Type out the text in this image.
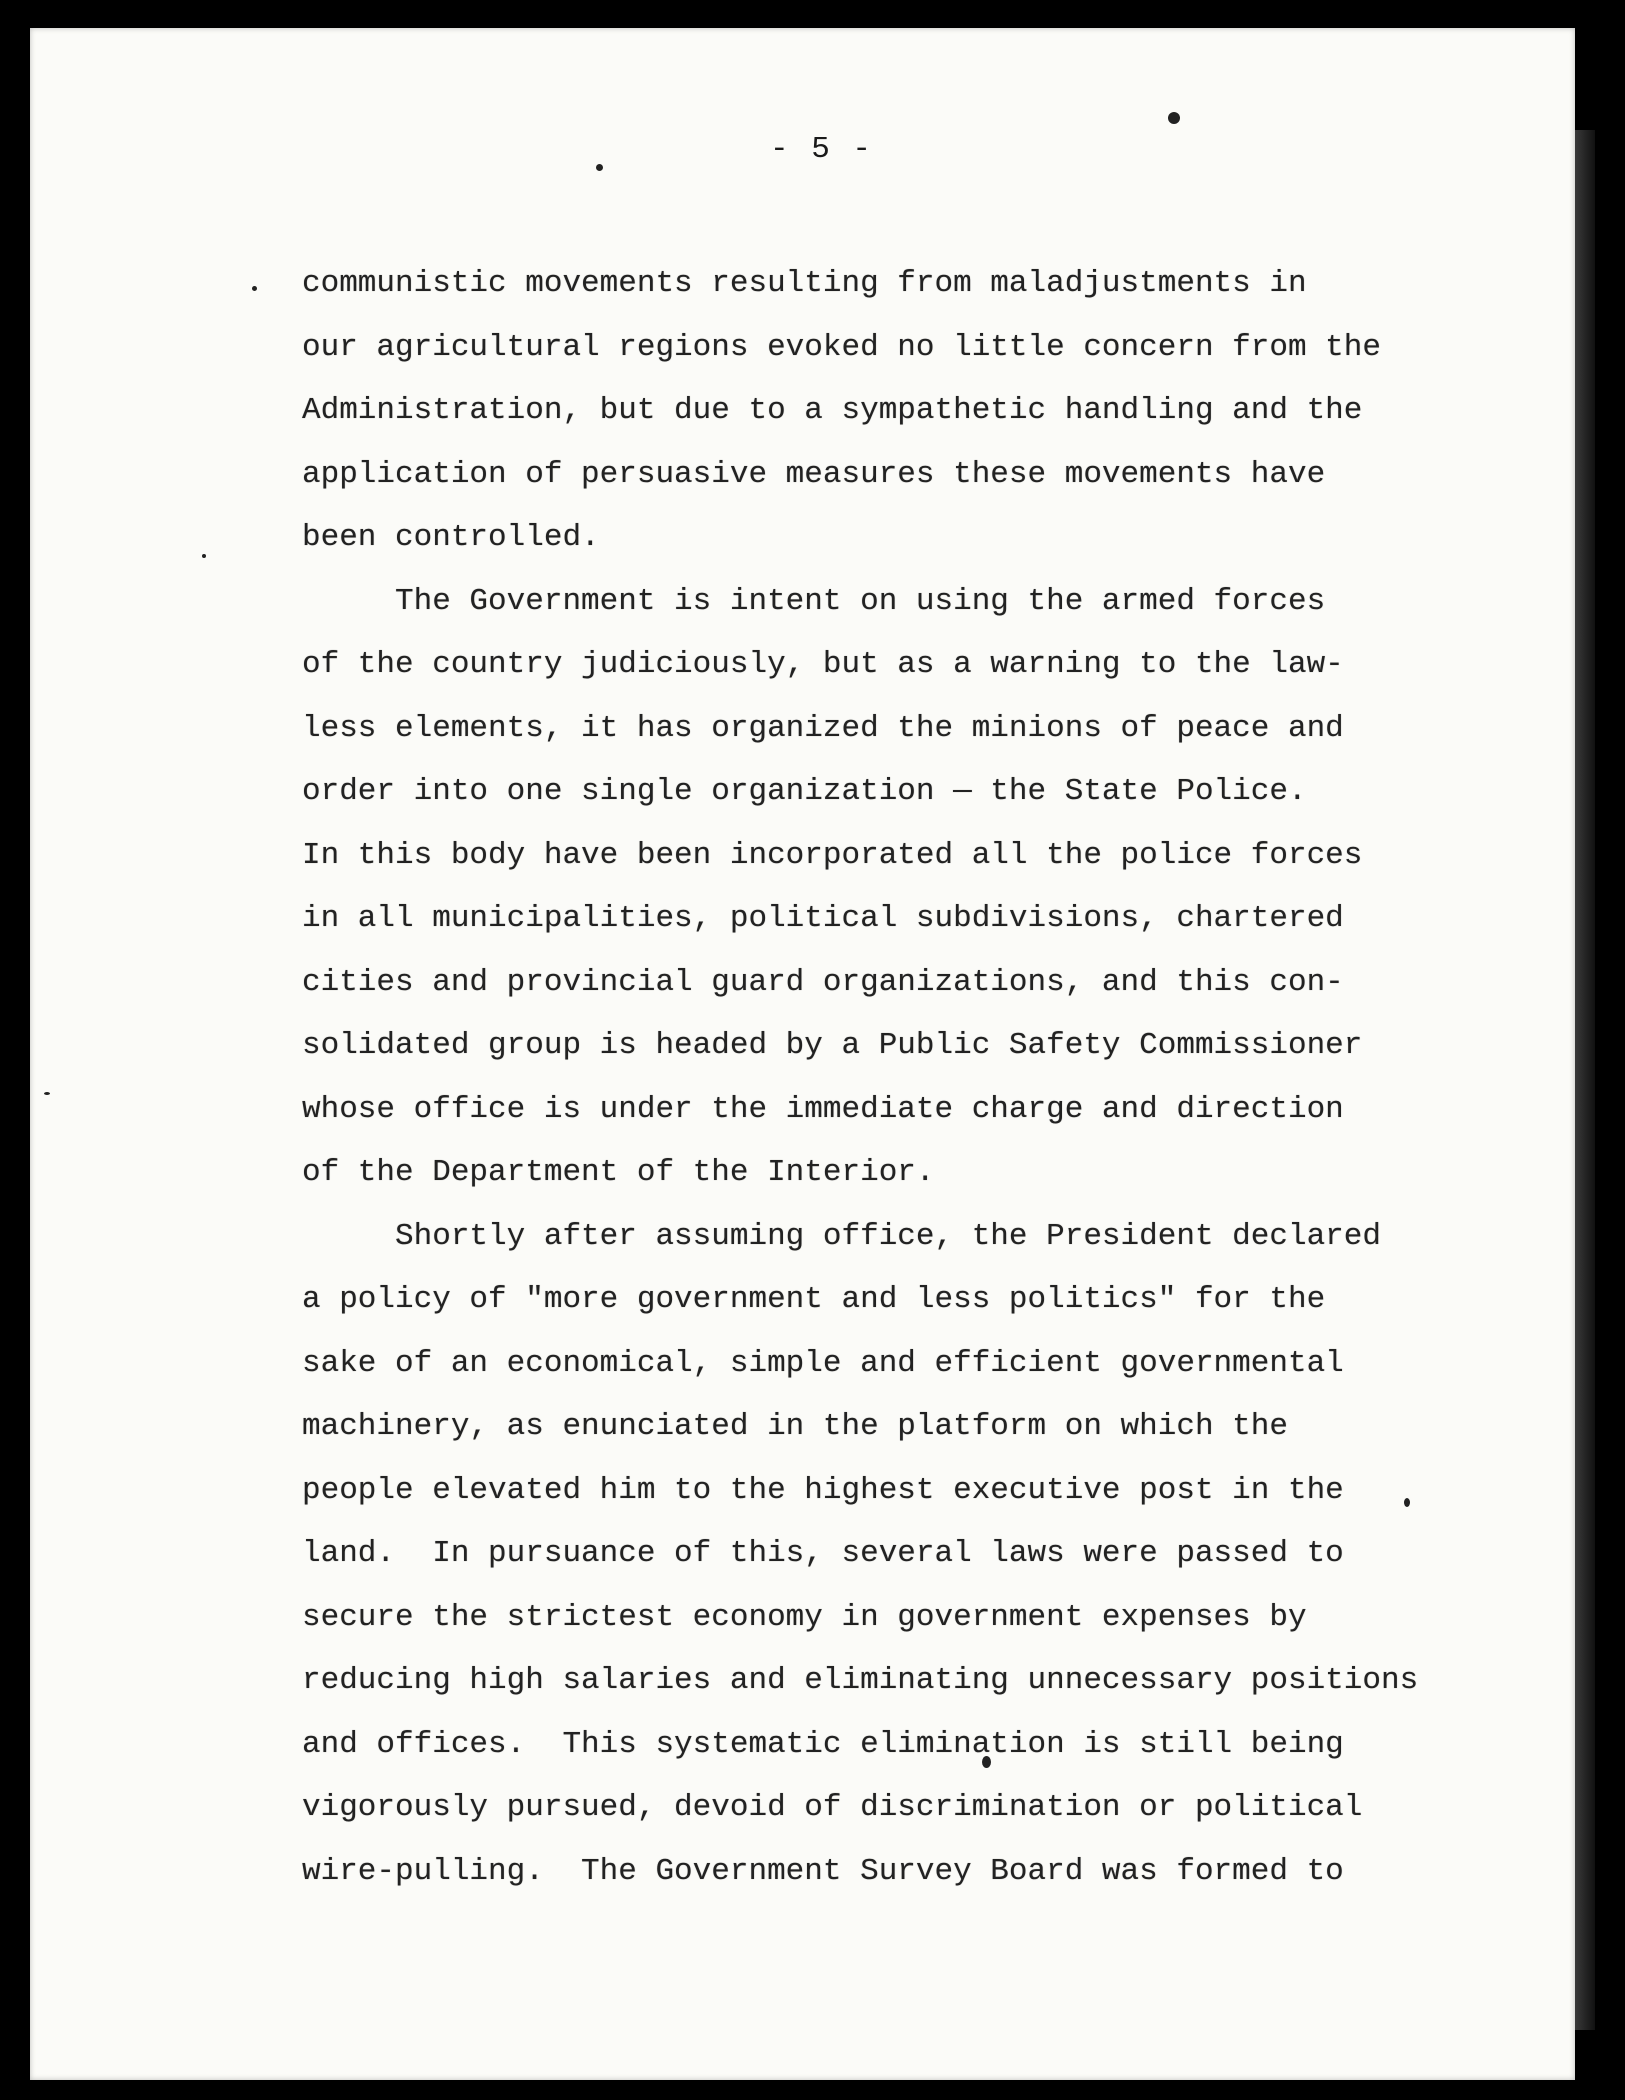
- 5 -
communistic movements resulting from maladjustments in
our agricultural regions evoked no little concern from the
Administration, but due to a sympathetic handling and the
application of persuasive measures these movements have
been controlled.
The Government is intent on using the armed forces
of the country judiciously, but as a warning to the law-
less elements, it has organized the minions of peace and
order into one single organization — the State Police.
In this body have been incorporated all the police forces
in all municipalities, political subdivisions, chartered
cities and provincial guard organizations, and this con-
solidated group is headed by a Public Safety Commissioner
whose office is under the immediate charge and direction
of the Department of the Interior.
Shortly after assuming office, the President declared
a policy of "more government and less politics" for the
sake of an economical, simple and efficient governmental
machinery, as enunciated in the platform on which the
people elevated him to the highest executive post in the
land.  In pursuance of this, several laws were passed to
secure the strictest economy in government expenses by
reducing high salaries and eliminating unnecessary positions
and offices.  This systematic elimination is still being
vigorously pursued, devoid of discrimination or political
wire-pulling.  The Government Survey Board was formed to
